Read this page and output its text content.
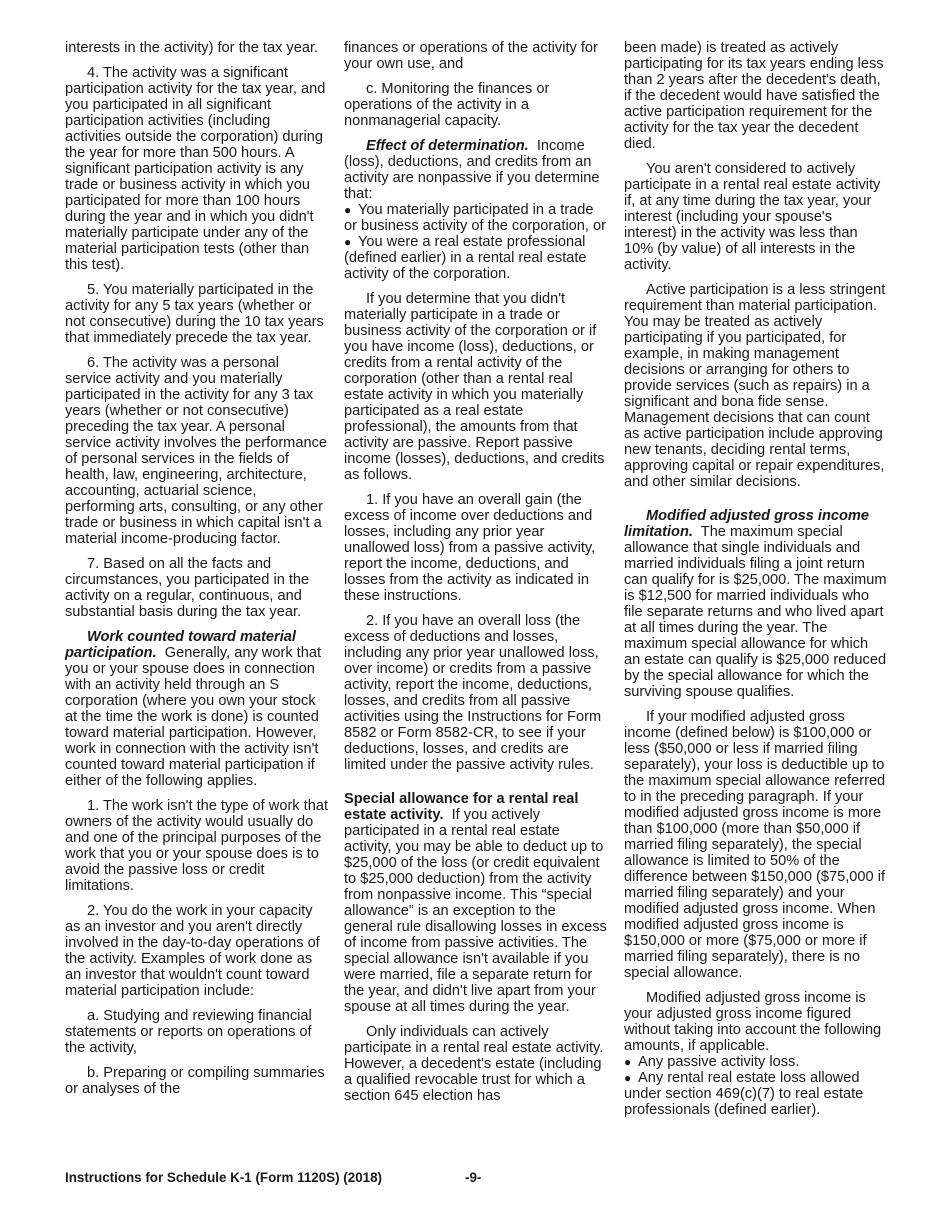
interests in the activity) for the tax year.

4. The activity was a significant participation activity for the tax year, and you participated in all significant participation activities (including activities outside the corporation) during the year for more than 500 hours. A significant participation activity is any trade or business activity in which you participated for more than 100 hours during the year and in which you didn't materially participate under any of the material participation tests (other than this test).

5. You materially participated in the activity for any 5 tax years (whether or not consecutive) during the 10 tax years that immediately precede the tax year.

6. The activity was a personal service activity and you materially participated in the activity for any 3 tax years (whether or not consecutive) preceding the tax year. A personal service activity involves the performance of personal services in the fields of health, law, engineering, architecture, accounting, actuarial science, performing arts, consulting, or any other trade or business in which capital isn't a material income-producing factor.

7. Based on all the facts and circumstances, you participated in the activity on a regular, continuous, and substantial basis during the tax year.

Work counted toward material participation. Generally, any work that you or your spouse does in connection with an activity held through an S corporation (where you own your stock at the time the work is done) is counted toward material participation. However, work in connection with the activity isn't counted toward material participation if either of the following applies.

1. The work isn't the type of work that owners of the activity would usually do and one of the principal purposes of the work that you or your spouse does is to avoid the passive loss or credit limitations.

2. You do the work in your capacity as an investor and you aren't directly involved in the day-to-day operations of the activity. Examples of work done as an investor that wouldn't count toward material participation include:

a. Studying and reviewing financial statements or reports on operations of the activity,

b. Preparing or compiling summaries or analyses of the

finances or operations of the activity for your own use, and

c. Monitoring the finances or operations of the activity in a nonmanagerial capacity.

Effect of determination. Income (loss), deductions, and credits from an activity are nonpassive if you determine that:

● You materially participated in a trade or business activity of the corporation, or
● You were a real estate professional (defined earlier) in a rental real estate activity of the corporation.

If you determine that you didn't materially participate in a trade or business activity of the corporation or if you have income (loss), deductions, or credits from a rental activity of the corporation (other than a rental real estate activity in which you materially participated as a real estate professional), the amounts from that activity are passive. Report passive income (losses), deductions, and credits as follows.

1. If you have an overall gain (the excess of income over deductions and losses, including any prior year unallowed loss) from a passive activity, report the income, deductions, and losses from the activity as indicated in these instructions.

2. If you have an overall loss (the excess of deductions and losses, including any prior year unallowed loss, over income) or credits from a passive activity, report the income, deductions, losses, and credits from all passive activities using the Instructions for Form 8582 or Form 8582-CR, to see if your deductions, losses, and credits are limited under the passive activity rules.

Special allowance for a rental real estate activity. If you actively participated in a rental real estate activity, you may be able to deduct up to $25,000 of the loss (or credit equivalent to $25,000 deduction) from the activity from nonpassive income. This “special allowance” is an exception to the general rule disallowing losses in excess of income from passive activities. The special allowance isn't available if you were married, file a separate return for the year, and didn't live apart from your spouse at all times during the year.

Only individuals can actively participate in a rental real estate activity. However, a decedent's estate (including a qualified revocable trust for which a section 645 election has

been made) is treated as actively participating for its tax years ending less than 2 years after the decedent's death, if the decedent would have satisfied the active participation requirement for the activity for the tax year the decedent died.

You aren't considered to actively participate in a rental real estate activity if, at any time during the tax year, your interest (including your spouse's interest) in the activity was less than 10% (by value) of all interests in the activity.

Active participation is a less stringent requirement than material participation. You may be treated as actively participating if you participated, for example, in making management decisions or arranging for others to provide services (such as repairs) in a significant and bona fide sense. Management decisions that can count as active participation include approving new tenants, deciding rental terms, approving capital or repair expenditures, and other similar decisions.

Modified adjusted gross income limitation. The maximum special allowance that single individuals and married individuals filing a joint return can qualify for is $25,000. The maximum is $12,500 for married individuals who file separate returns and who lived apart at all times during the year. The maximum special allowance for which an estate can qualify is $25,000 reduced by the special allowance for which the surviving spouse qualifies.

If your modified adjusted gross income (defined below) is $100,000 or less ($50,000 or less if married filing separately), your loss is deductible up to the maximum special allowance referred to in the preceding paragraph. If your modified adjusted gross income is more than $100,000 (more than $50,000 if married filing separately), the special allowance is limited to 50% of the difference between $150,000 ($75,000 if married filing separately) and your modified adjusted gross income. When modified adjusted gross income is $150,000 or more ($75,000 or more if married filing separately), there is no special allowance.

Modified adjusted gross income is your adjusted gross income figured without taking into account the following amounts, if applicable.

● Any passive activity loss.
● Any rental real estate loss allowed under section 469(c)(7) to real estate professionals (defined earlier).
Instructions for Schedule K-1 (Form 1120S) (2018)	-9-
